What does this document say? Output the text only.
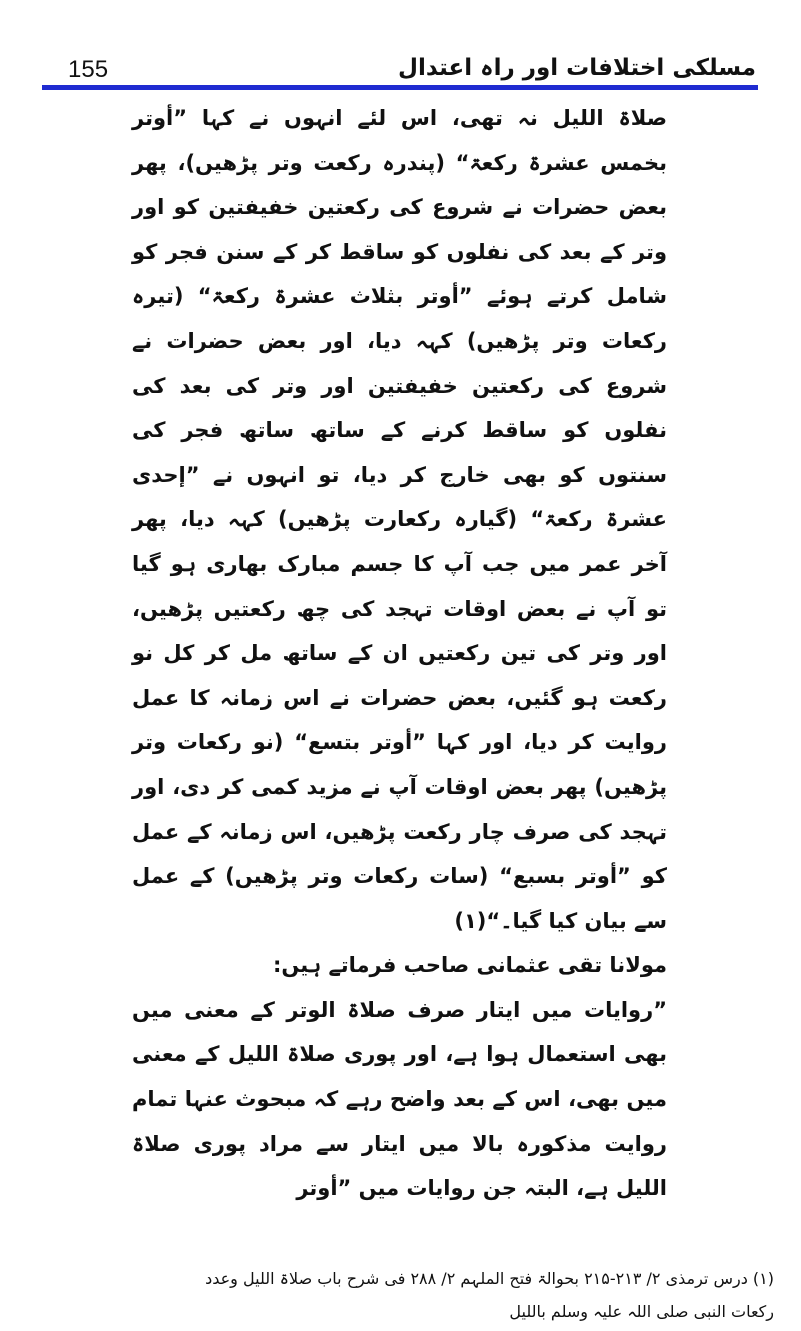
155	مسلکی اختلافات اور راہ اعتدال

صلاۃ اللیل نہ تھی، اس لئے انہوں نے کہا ”أوتر بخمس عشرۃ رکعۃ“ (پندرہ رکعت وتر پڑھیں)، پھر بعض حضرات نے شروع کی رکعتین خفیفتین کو اور وتر کے بعد کی نفلوں کو ساقط کر کے سنن فجر کو شامل کرتے ہوئے ”أوتر بثلاث عشرۃ رکعۃ“ (تیرہ رکعات وتر پڑھیں) کہہ دیا، اور بعض حضرات نے شروع کی رکعتین خفیفتین اور وتر کی بعد کی نفلوں کو ساقط کرنے کے ساتھ ساتھ فجر کی سنتوں کو بھی خارج کر دیا، تو انہوں نے ”إحدی عشرۃ رکعۃ“ (گیارہ رکعارت پڑھیں) کہہ دیا، پھر آخر عمر میں جب آپ کا جسم مبارک بھاری ہو گیا تو آپ نے بعض اوقات تہجد کی چھ رکعتیں پڑھیں، اور وتر کی تین رکعتیں ان کے ساتھ مل کر کل نو رکعت ہو گئیں، بعض حضرات نے اس زمانہ کا عمل روایت کر دیا، اور کہا ”أوتر بتسع“ (نو رکعات وتر پڑھیں) پھر بعض اوقات آپ نے مزید کمی کر دی، اور تہجد کی صرف چار رکعت پڑھیں، اس زمانہ کے عمل کو ”أوتر بسبع“ (سات رکعات وتر پڑھیں) کے عمل سے بیان کیا گیا۔“(۱)
مولانا تقی عثمانی صاحب فرماتے ہیں:
”روایات میں ایتار صرف صلاۃ الوتر کے معنی میں بھی استعمال ہوا ہے، اور پوری صلاۃ اللیل کے معنی میں بھی، اس کے بعد واضح رہے کہ مبحوث عنہا تمام روایت مذکورہ بالا میں ایتار سے مراد پوری صلاۃ اللیل ہے، البتہ جن روایات میں ”أوتر

(۱) درس ترمذی ۲/ ۲۱۳-۲۱۵ بحوالۃ فتح الملہم ۲/ ۲۸۸ فی شرح باب صلاۃ اللیل وعدد
رکعات النبی صلی اللہ علیہ وسلم باللیل
